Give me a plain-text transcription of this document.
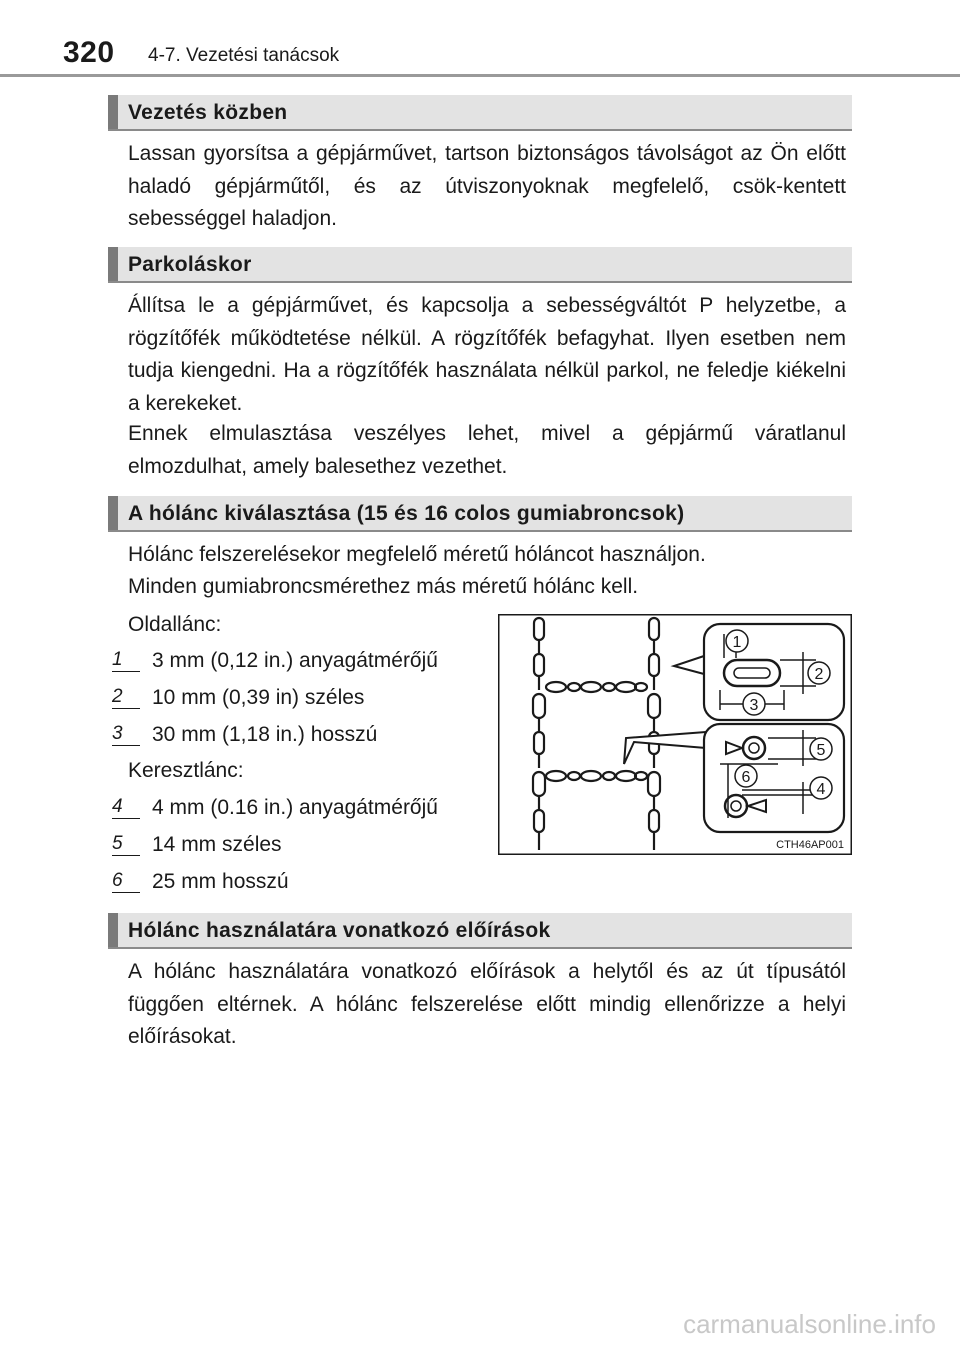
320 4-7. Vezetési tanácsok
Vezetés közben

Lassan gyorsítsa a gépjárművet, tartson biztonságos távolságot az Ön előtt haladó gépjárműtől, és az útviszonyoknak megfelelő, csök-kentett sebességgel haladjon.

Parkoláskor

Állítsa le a gépjárművet, és kapcsolja a sebességváltót P helyzetbe, a rögzítőfék működtetése nélkül. A rögzítőfék befagyhat. Ilyen esetben nem tudja kiengedni. Ha a rögzítőfék használata nélkül parkol, ne feledje kiékelni a kerekeket.

Ennek elmulasztása veszélyes lehet, mivel a gépjármű váratlanul elmozdulhat, amely balesethez vezethet.

A hólánc kiválasztása (15 és 16 colos gumiabroncsok)
Hólánc felszerelésekor megfelelő méretű hóláncot használjon.
Minden gumiabroncsmérethez más méretű hólánc kell.
Oldallánc:
1 3 mm (0,12 in.) anyagátmérőjű
2 10 mm (0,39 in) széles
3 30 mm (1,18 in.) hosszú
Keresztlánc:
4 4 mm (0.16 in.) anyagátmérőjű
5 14 mm széles
6 25 mm hosszú
1
2
3
4
5
6
CTH46AP001
Hólánc használatára vonatkozó előírások

A hólánc használatára vonatkozó előírások a helytől és az út típusától függően eltérnek. A hólánc felszerelése előtt mindig ellenőrizze a helyi előírásokat.

carmanualsonline.info
